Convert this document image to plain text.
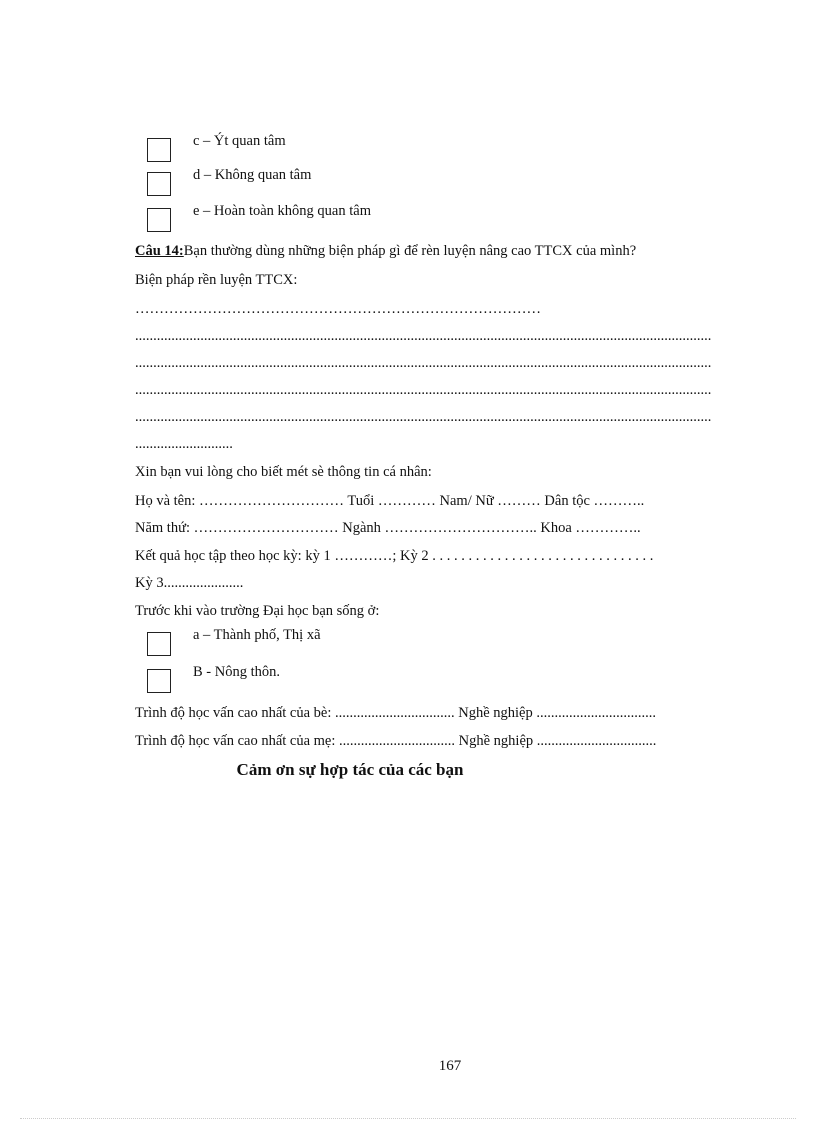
c – Ýt quan tâm
d – Không quan tâm
e – Hoàn toàn không quan tâm
Câu 14:Bạn thường dùng những biện pháp gì để rèn luyện nâng cao TTCX của mình?
Biện pháp rền luyện TTCX:
…………………………………………………………………………
...............................................................................................................................................................
...............................................................................................................................................................
...............................................................................................................................................................
...............................................................................................................................................................
...........................
Xin bạn vui lòng cho biết mét sè thông tin cá nhân:
Họ và tên: ………………………… Tuổi ………… Nam/ Nữ ……… Dân tộc ………..
Năm thứ: ………………………… Ngành ………………………….. Khoa …………..
Kết quả học tập theo học kỳ: kỳ 1 …………; Kỳ 2 . . . . . . . . . . . . . . . . . . . . . . . . . . . . . . .
Kỳ 3......................
Trước khi vào trường Đại học bạn sống ở:
a – Thành phố, Thị xã
B - Nông thôn.
Trình độ học vấn cao nhất của bè: ................................. Nghề nghiệp .................................
Trình độ học vấn cao nhất của mẹ: ................................ Nghề nghiệp .................................
Cảm ơn sự hợp tác của các bạn
167
